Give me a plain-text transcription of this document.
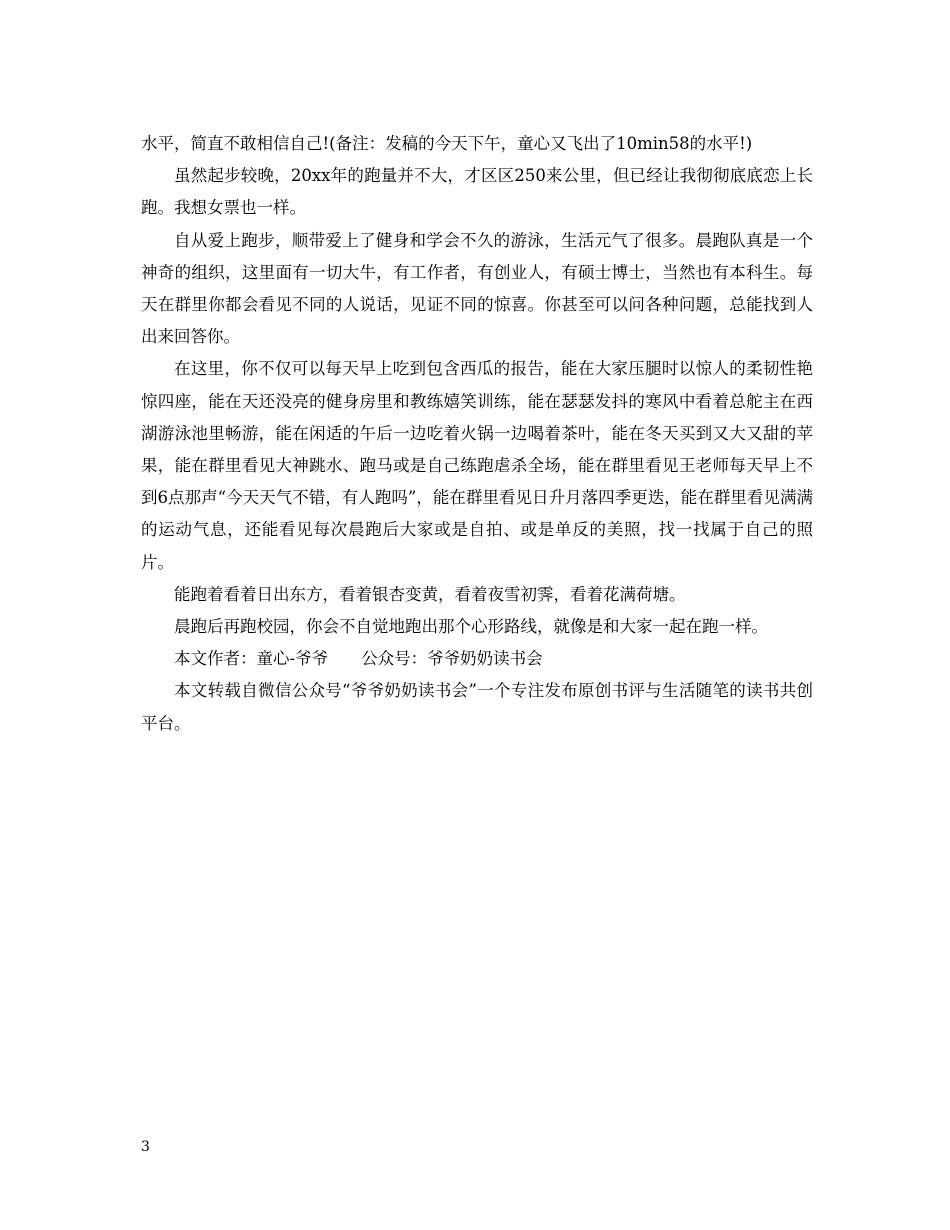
水平，简直不敢相信自己!(备注：发稿的今天下午，童心又飞出了10min58的水平!)

虽然起步较晚，20xx年的跑量并不大，才区区250来公里，但已经让我彻彻底底恋上长跑。我想女票也一样。

自从爱上跑步，顺带爱上了健身和学会不久的游泳，生活元气了很多。晨跑队真是一个神奇的组织，这里面有一切大牛，有工作者，有创业人，有硕士博士，当然也有本科生。每天在群里你都会看见不同的人说话，见证不同的惊喜。你甚至可以问各种问题，总能找到人出来回答你。

在这里，你不仅可以每天早上吃到包含西瓜的报告，能在大家压腿时以惊人的柔韧性艳惊四座，能在天还没亮的健身房里和教练嬉笑训练，能在瑟瑟发抖的寒风中看着总舵主在西湖游泳池里畅游，能在闲适的午后一边吃着火锅一边喝着茶叶，能在冬天买到又大又甜的苹果，能在群里看见大神跳水、跑马或是自己练跑虐杀全场，能在群里看见王老师每天早上不到6点那声“今天天气不错，有人跑吗”，能在群里看见日升月落四季更迭，能在群里看见满满的运动气息，还能看见每次晨跑后大家或是自拍、或是单反的美照，找一找属于自己的照片。

能跑着看着日出东方，看着银杏变黄，看着夜雪初霁，看着花满荷塘。

晨跑后再跑校园，你会不自觉地跑出那个心形路线，就像是和大家一起在跑一样。

本文作者：童心-爷爷　　公众号：爷爷奶奶读书会

本文转载自微信公众号“爷爷奶奶读书会”一个专注发布原创书评与生活随笔的读书共创平台。

3
